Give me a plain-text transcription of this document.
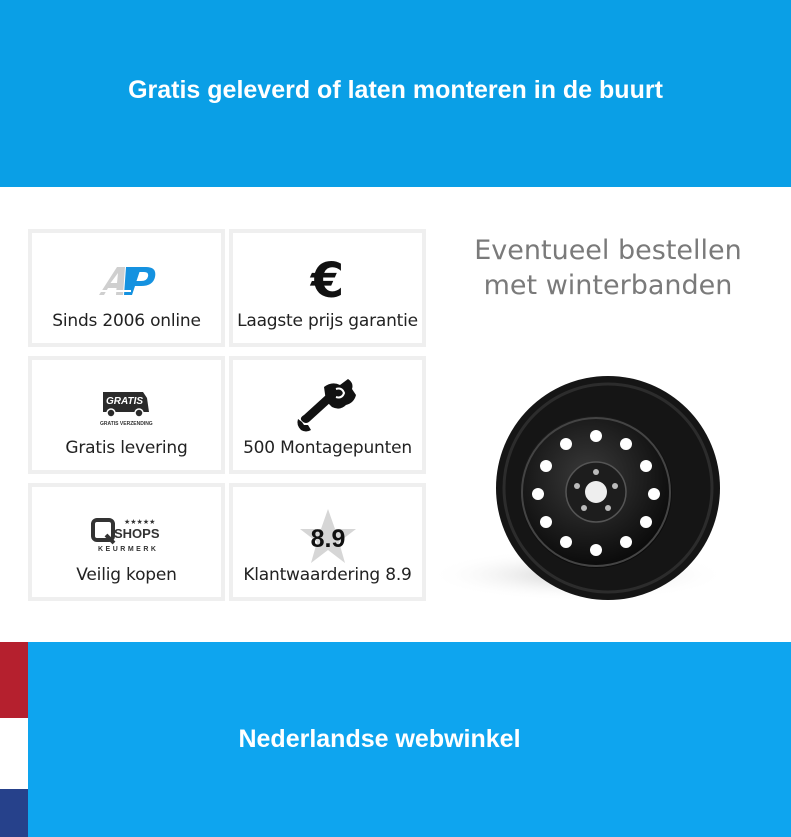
Gratis geleverd of laten monteren in de buurt
Sinds 2006 online
€
Laagste prijs garantie
GRATIS
GRATIS VERZENDING
Gratis levering	500 Montagepunten
★★★★★
SHOPS
KEURMERK
Veilig kopen
8.9
Klantwaardering 8.9
Eventueel bestellen
met winterbanden
Nederlandse webwinkel
